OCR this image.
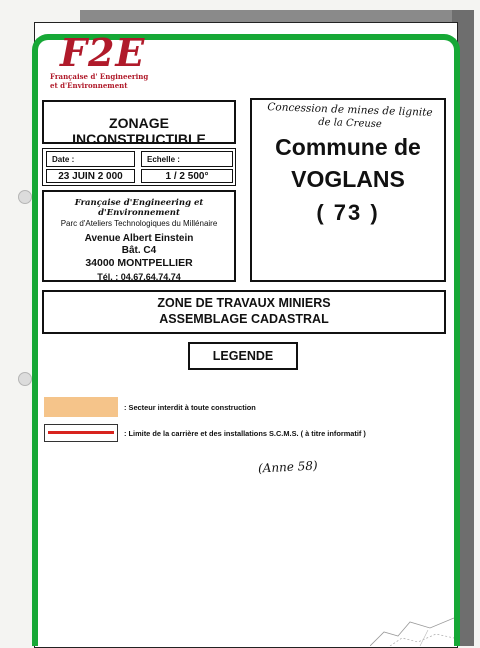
F2E
Française d' Engineering
et d'Environnement
ZONAGE INCONSTRUCTIBLE
Date :
23 JUIN 2 000
Echelle :
1 / 2 500°
Française d'Engineering et d'Environnement
Parc d'Ateliers Technologiques du Millénaire
Avenue Albert Einstein
Bât. C4
34000 MONTPELLIER
Tél. : 04.67.64.74.74
Concession de mines de lignite
de la Creuse
Commune de
VOGLANS
( 73 )
ZONE DE TRAVAUX MINIERS
ASSEMBLAGE CADASTRAL
LEGENDE
: Secteur interdit à toute construction
: Limite de la carrière et des installations S.C.M.S. ( à titre informatif )
(Anne 58)
